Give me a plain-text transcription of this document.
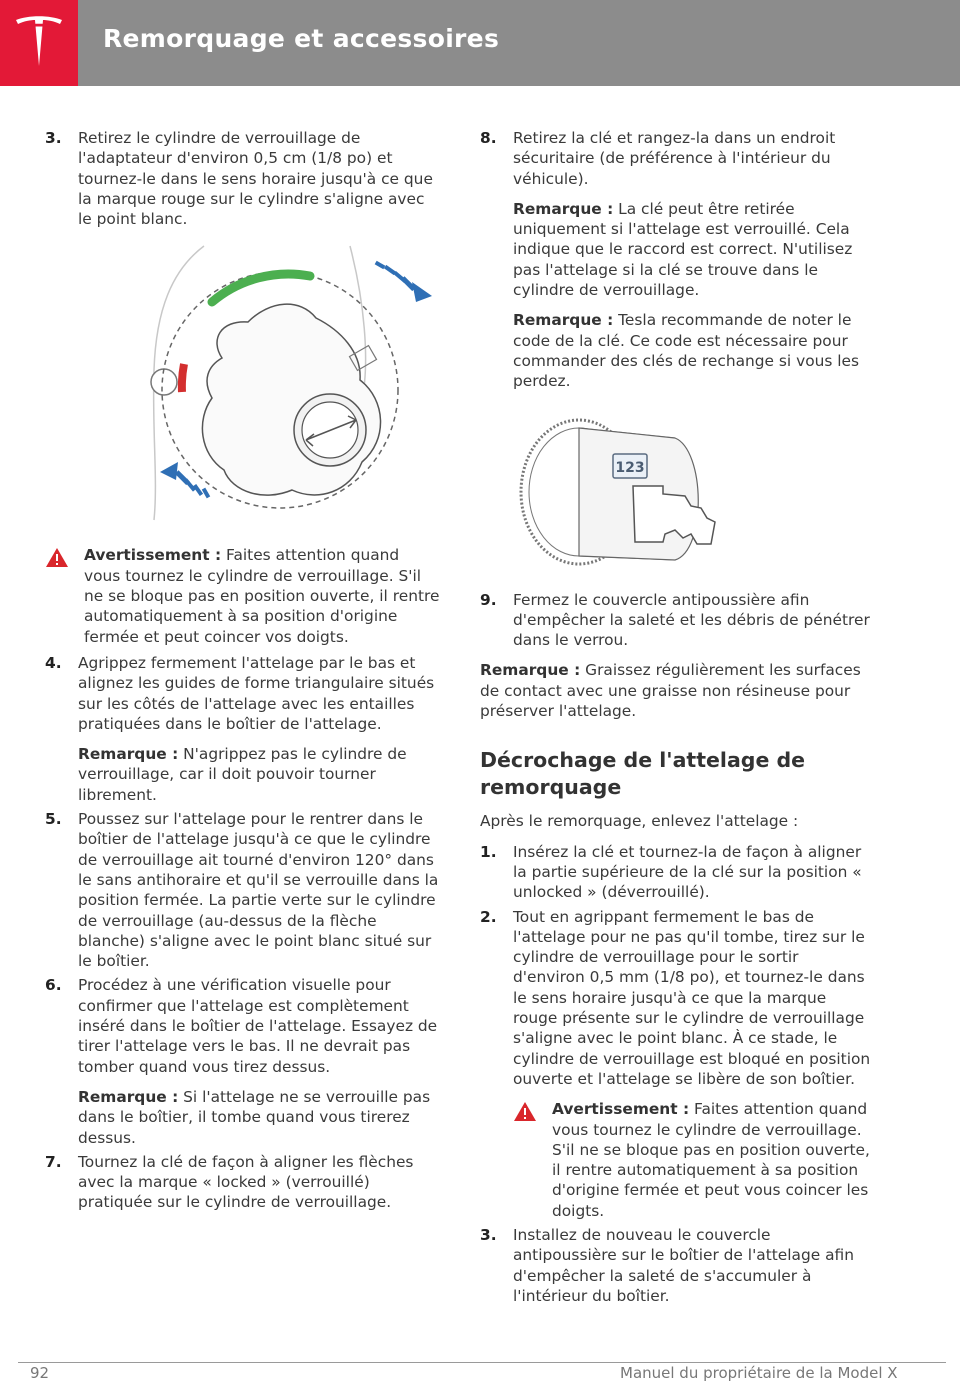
Remorquage et accessoires
3. Retirez le cylindre de verrouillage de l'adaptateur d'environ 0,5 cm (1/8 po) et tournez-le dans le sens horaire jusqu'à ce que la marque rouge sur le cylindre s'aligne avec le point blanc.
Avertissement : Faites attention quand vous tournez le cylindre de verrouillage. S'il ne se bloque pas en position ouverte, il rentre automatiquement à sa position d'origine fermée et peut coincer vos doigts.
4. Agrippez fermement l'attelage par le bas et alignez les guides de forme triangulaire situés sur les côtés de l'attelage avec les entailles pratiquées dans le boîtier de l'attelage.
Remarque : N'agrippez pas le cylindre de verrouillage, car il doit pouvoir tourner librement.
5. Poussez sur l'attelage pour le rentrer dans le boîtier de l'attelage jusqu'à ce que le cylindre de verrouillage ait tourné d'environ 120° dans le sans antihoraire et qu'il se verrouille dans la position fermée. La partie verte sur le cylindre de verrouillage (au-dessus de la flèche blanche) s'aligne avec le point blanc situé sur le boîtier.
6. Procédez à une vérification visuelle pour confirmer que l'attelage est complètement inséré dans le boîtier de l'attelage. Essayez de tirer l'attelage vers le bas. Il ne devrait pas tomber quand vous tirez dessus.
Remarque : Si l'attelage ne se verrouille pas dans le boîtier, il tombe quand vous tirerez dessus.
7. Tournez la clé de façon à aligner les flèches avec la marque « locked » (verrouillé) pratiquée sur le cylindre de verrouillage.
8. Retirez la clé et rangez-la dans un endroit sécuritaire (de préférence à l'intérieur du véhicule).
Remarque : La clé peut être retirée uniquement si l'attelage est verrouillé. Cela indique que le raccord est correct. N'utilisez pas l'attelage si la clé se trouve dans le cylindre de verrouillage.
Remarque : Tesla recommande de noter le code de la clé. Ce code est nécessaire pour commander des clés de rechange si vous les perdez.
9. Fermez le couvercle antipoussière afin d'empêcher la saleté et les débris de pénétrer dans le verrou.
Remarque : Graissez régulièrement les surfaces de contact avec une graisse non résineuse pour préserver l'attelage.
Décrochage de l'attelage de remorquage
Après le remorquage, enlevez l'attelage :
1. Insérez la clé et tournez-la de façon à aligner la partie supérieure de la clé sur la position « unlocked » (déverrouillé).
2. Tout en agrippant fermement le bas de l'attelage pour ne pas qu'il tombe, tirez sur le cylindre de verrouillage pour le sortir d'environ 0,5 mm (1/8 po), et tournez-le dans le sens horaire jusqu'à ce que la marque rouge présente sur le cylindre de verrouillage s'aligne avec le point blanc. À ce stade, le cylindre de verrouillage est bloqué en position ouverte et l'attelage se libère de son boîtier.
Avertissement : Faites attention quand vous tournez le cylindre de verrouillage. S'il ne se bloque pas en position ouverte, il rentre automatiquement à sa position d'origine fermée et peut vous coincer les doigts.
3. Installez de nouveau le couvercle antipoussière sur le boîtier de l'attelage afin d'empêcher la saleté de s'accumuler à l'intérieur du boîtier.
123
92	Manuel du propriétaire de la Model X
